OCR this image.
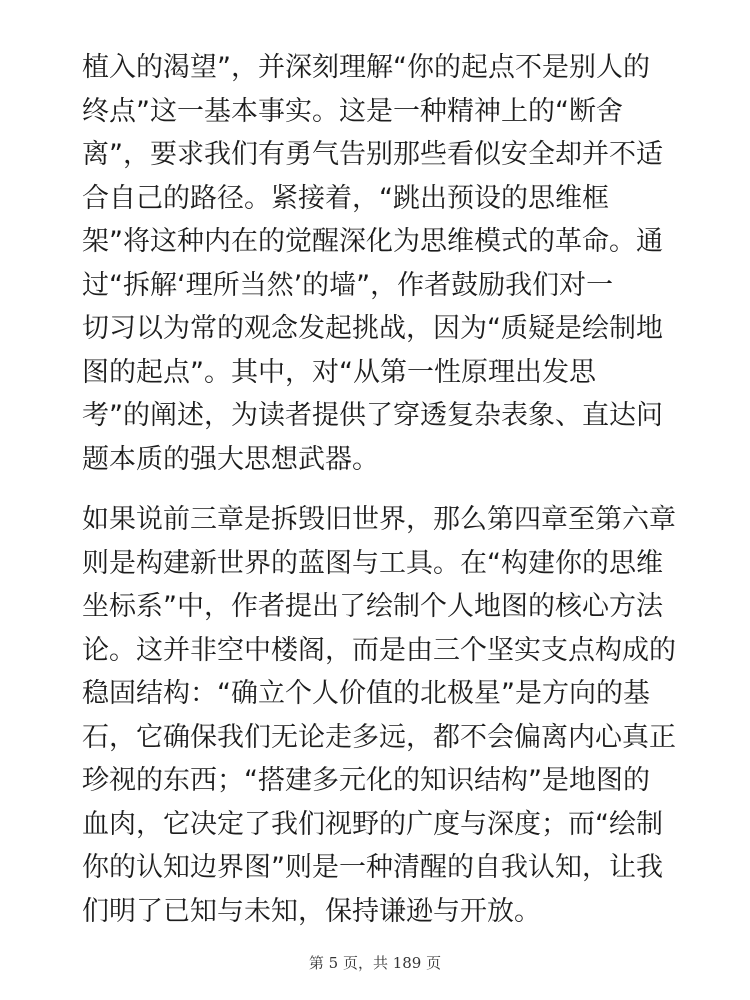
植入的渴望”，并深刻理解“你的起点不是别人的
终点”这一基本事实。这是一种精神上的“断舍
离”，要求我们有勇气告别那些看似安全却并不适
合自己的路径。紧接着，“跳出预设的思维框
架”将这种内在的觉醒深化为思维模式的革命。通
过“拆解‘理所当然’的墙”，作者鼓励我们对一
切习以为常的观念发起挑战，因为“质疑是绘制地
图的起点”。其中，对“从第一性原理出发思
考”的阐述，为读者提供了穿透复杂表象、直达问
题本质的强大思想武器。

如果说前三章是拆毁旧世界，那么第四章至第六章
则是构建新世界的蓝图与工具。在“构建你的思维
坐标系”中，作者提出了绘制个人地图的核心方法
论。这并非空中楼阁，而是由三个坚实支点构成的
稳固结构：“确立个人价值的北极星”是方向的基
石，它确保我们无论走多远，都不会偏离内心真正
珍视的东西；“搭建多元化的知识结构”是地图的
血肉，它决定了我们视野的广度与深度；而“绘制
你的认知边界图”则是一种清醒的自我认知，让我
们明了已知与未知，保持谦逊与开放。

第 5 页，共 189 页
